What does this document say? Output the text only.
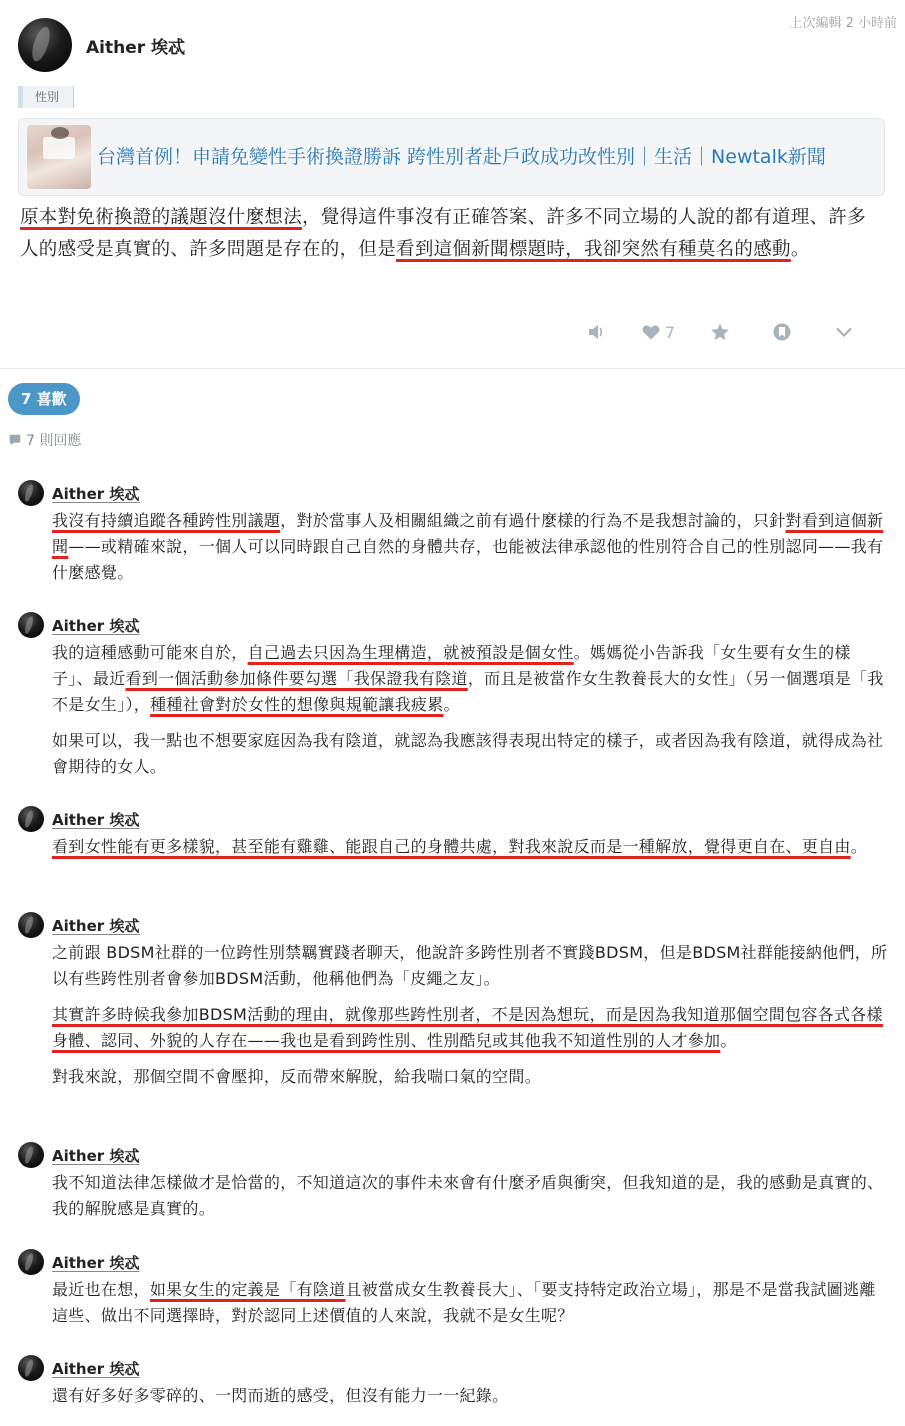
Aither 埃忒
上次編輯 2 小時前
性別
台灣首例！申請免變性手術換證勝訴 跨性別者赴戶政成功改性別｜生活｜Newtalk新聞
原本對免術換證的議題沒什麼想法，覺得這件事沒有正確答案、許多不同立場的人說的都有道理、許多人的感受是真實的、許多問題是存在的，但是看到這個新聞標題時，我卻突然有種莫名的感動。
7
7 喜歡
7 則回應
Aither 埃忒

我沒有持續追蹤各種跨性別議題，對於當事人及相關組織之前有過什麼樣的行為不是我想討論的，只針對看到這個新聞——或精確來說，一個人可以同時跟自己自然的身體共存，也能被法律承認他的性別符合自己的性別認同——我有什麼感覺。

Aither 埃忒

我的這種感動可能來自於，自己過去只因為生理構造，就被預設是個女性。媽媽從小告訴我「女生要有女生的樣子」、最近看到一個活動參加條件要勾選「我保證我有陰道，而且是被當作女生教養長大的女性」（另一個選項是「我不是女生」），種種社會對於女性的想像與規範讓我疲累。

如果可以，我一點也不想要家庭因為我有陰道，就認為我應該得表現出特定的樣子，或者因為我有陰道，就得成為社會期待的女人。

Aither 埃忒

看到女性能有更多樣貌，甚至能有雞雞、能跟自己的身體共處，對我來說反而是一種解放，覺得更自在、更自由。

Aither 埃忒

之前跟 BDSM社群的一位跨性別禁羈實踐者聊天，他說許多跨性別者不實踐BDSM，但是BDSM社群能接納他們，所以有些跨性別者會參加BDSM活動，他稱他們為「皮繩之友」。

其實許多時候我參加BDSM活動的理由，就像那些跨性別者，不是因為想玩，而是因為我知道那個空間包容各式各樣身體、認同、外貌的人存在——我也是看到跨性別、性別酷兒或其他我不知道性別的人才參加。

對我來說，那個空間不會壓抑，反而帶來解脫，給我喘口氣的空間。

Aither 埃忒

我不知道法律怎樣做才是恰當的，不知道這次的事件未來會有什麼矛盾與衝突，但我知道的是，我的感動是真實的、我的解脫感是真實的。

Aither 埃忒

最近也在想，如果女生的定義是「有陰道且被當成女生教養長大」、「要支持特定政治立場」，那是不是當我試圖逃離這些、做出不同選擇時，對於認同上述價值的人來說，我就不是女生呢？

Aither 埃忒

還有好多好多零碎的、一閃而逝的感受，但沒有能力一一紀錄。
